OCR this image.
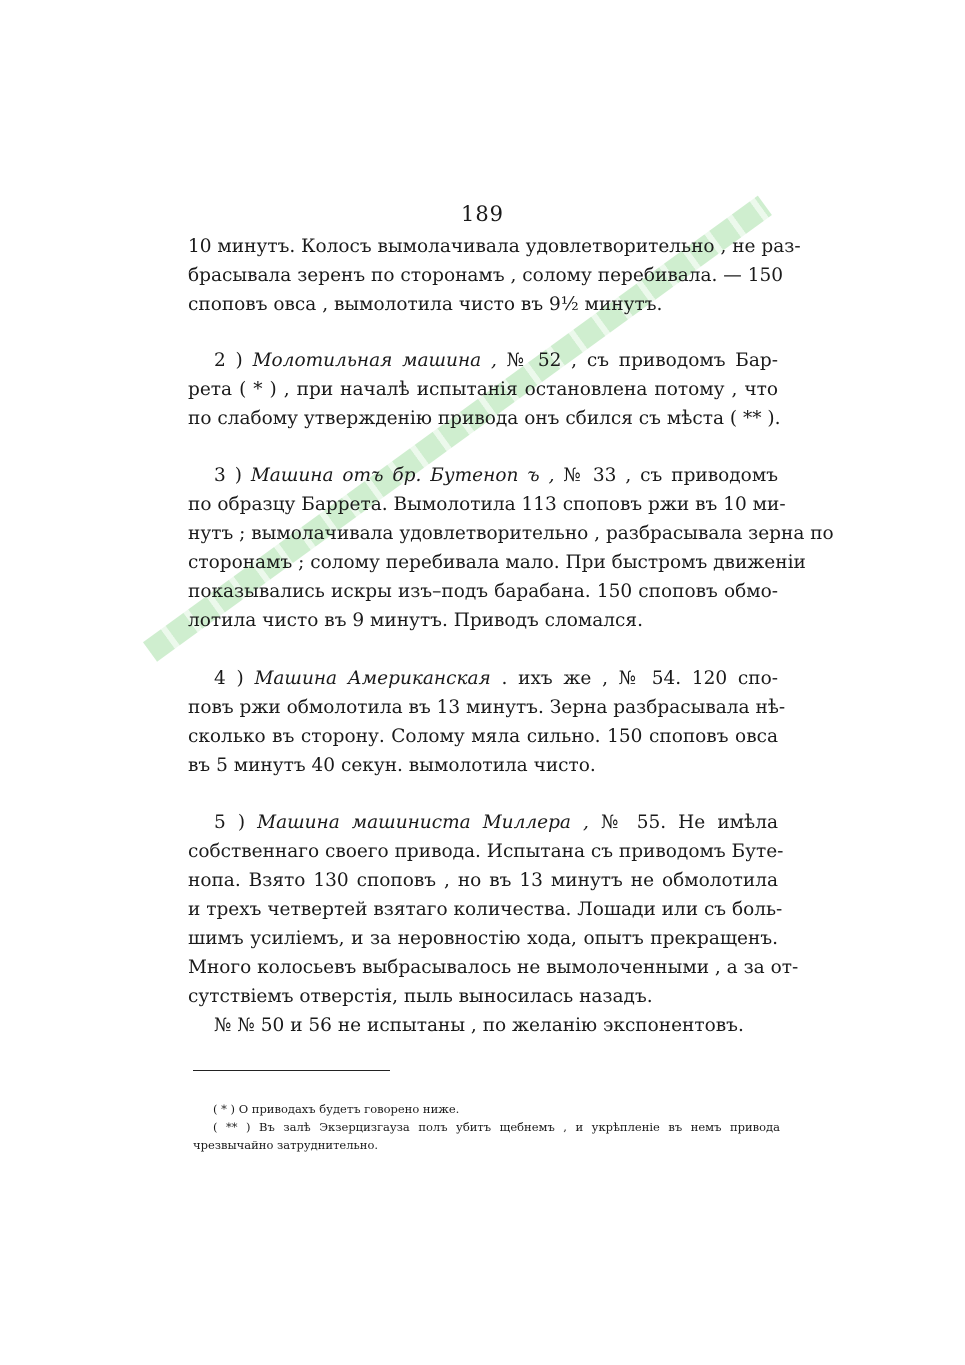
189
10 минутъ. Колосъ вымолачивала удовлетворительно , не раз-
брасывала зеренъ по сторонамъ , солому перебивала. — 150
споповъ овса , вымолотила чисто въ 9½ минутъ.
2 ) Молотильная машина , № 52 , съ приводомъ Бар-
рета ( * ) , при началѣ испытанія остановлена потому , что
по слабому утвержденію привода онъ сбился съ мѣста ( ** ).
3 ) Машина отъ бр. Бутеноп ъ , № 33 , съ приводомъ
по образцу Баррета. Вымолотила 113 споповъ ржи въ 10 ми-
нутъ ; вымолачивала удовлетворительно , разбрасывала зерна по
сторонамъ ; солому перебивала мало. При быстромъ движеніи
показывались искры изъ–подъ барабана. 150 споповъ обмо-
лотила чисто въ 9 минутъ. Приводъ сломался.
4 ) Машина Американская . ихъ же , № 54. 120 спо-
повъ ржи обмолотила въ 13 минутъ. Зерна разбрасывала нѣ-
сколько въ сторону. Солому мяла сильно. 150 споповъ овса
въ 5 минутъ 40 секун. вымолотила чисто.
5 ) Машина машиниста Миллера , № 55. Не имѣла
собственнаго своего привода. Испытана съ приводомъ Буте-
нопа. Взято 130 споповъ , но въ 13 минутъ не обмолотила
и трехъ четвертей взятаго количества. Лошади или съ боль-
шимъ усиліемъ, и за неровностію хода, опытъ прекращенъ.
Много колосьевъ выбрасывалось не вымолоченными , а за от-
сутствіемъ отверстія, пыль выносилась назадъ.
№ № 50 и 56 не испытаны , по желанію экспонентовъ.
( * ) О приводахъ будетъ говорено ниже.
( ** ) Въ залѣ Экзерцизгауза полъ убитъ щебнемъ , и укрѣпленіе въ немъ привода
чрезвычайно затруднительно.
